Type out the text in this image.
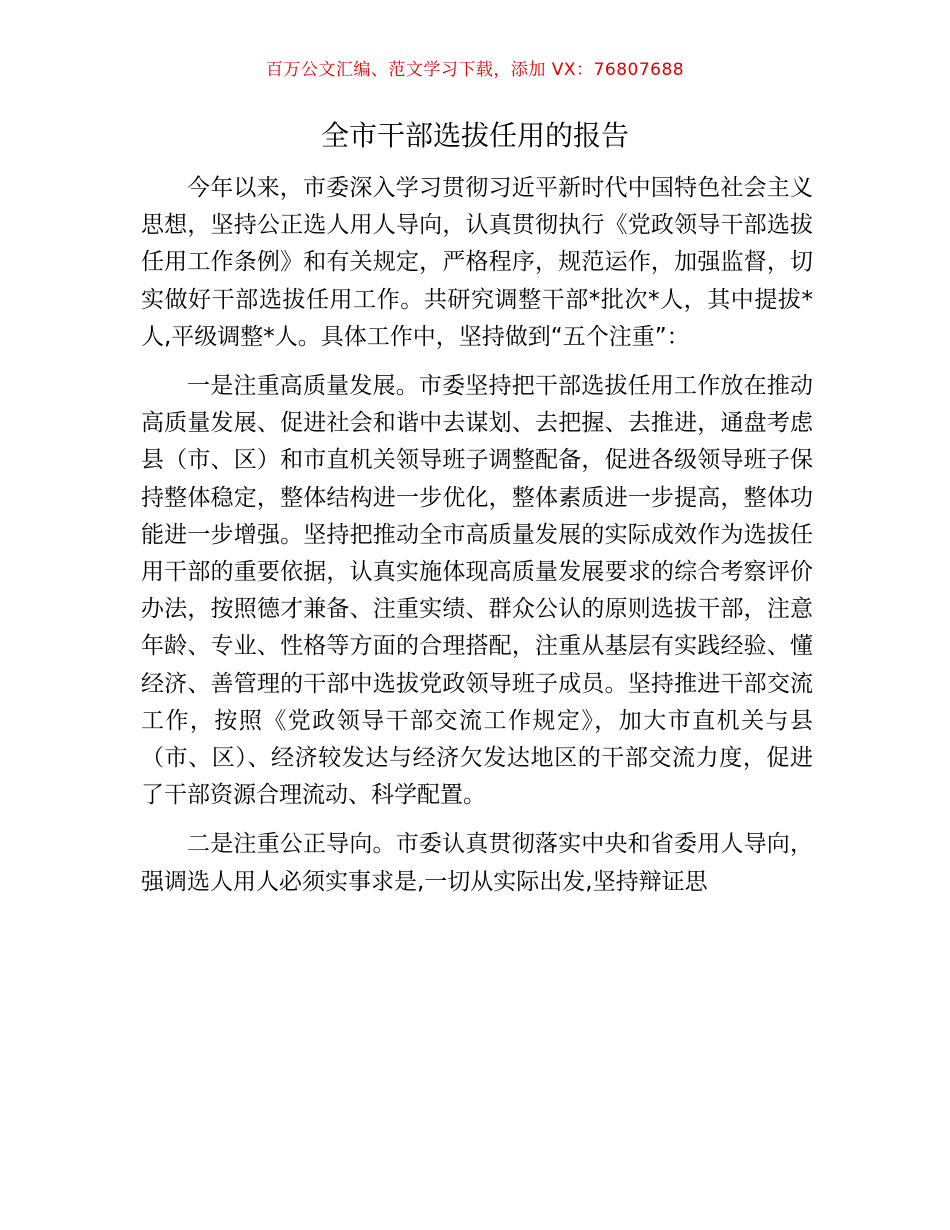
百万公文汇编、范文学习下载，添加 VX：76807688
全市干部选拔任用的报告

今年以来，市委深入学习贯彻习近平新时代中国特色社会主义思想，坚持公正选人用人导向，认真贯彻执行《党政领导干部选拔任用工作条例》和有关规定，严格程序，规范运作，加强监督，切实做好干部选拔任用工作。共研究调整干部*批次*人，其中提拔*人,平级调整*人。具体工作中，坚持做到“五个注重”：

一是注重高质量发展。市委坚持把干部选拔任用工作放在推动高质量发展、促进社会和谐中去谋划、去把握、去推进，通盘考虑县（市、区）和市直机关领导班子调整配备，促进各级领导班子保持整体稳定，整体结构进一步优化，整体素质进一步提高，整体功能进一步增强。坚持把推动全市高质量发展的实际成效作为选拔任用干部的重要依据，认真实施体现高质量发展要求的综合考察评价办法，按照德才兼备、注重实绩、群众公认的原则选拔干部，注意年龄、专业、性格等方面的合理搭配，注重从基层有实践经验、懂经济、善管理的干部中选拔党政领导班子成员。坚持推进干部交流工作，按照《党政领导干部交流工作规定》，加大市直机关与县（市、区）、经济较发达与经济欠发达地区的干部交流力度，促进了干部资源合理流动、科学配置。

二是注重公正导向。市委认真贯彻落实中央和省委用人导向，强调选人用人必须实事求是,一切从实际出发,坚持辩证思
